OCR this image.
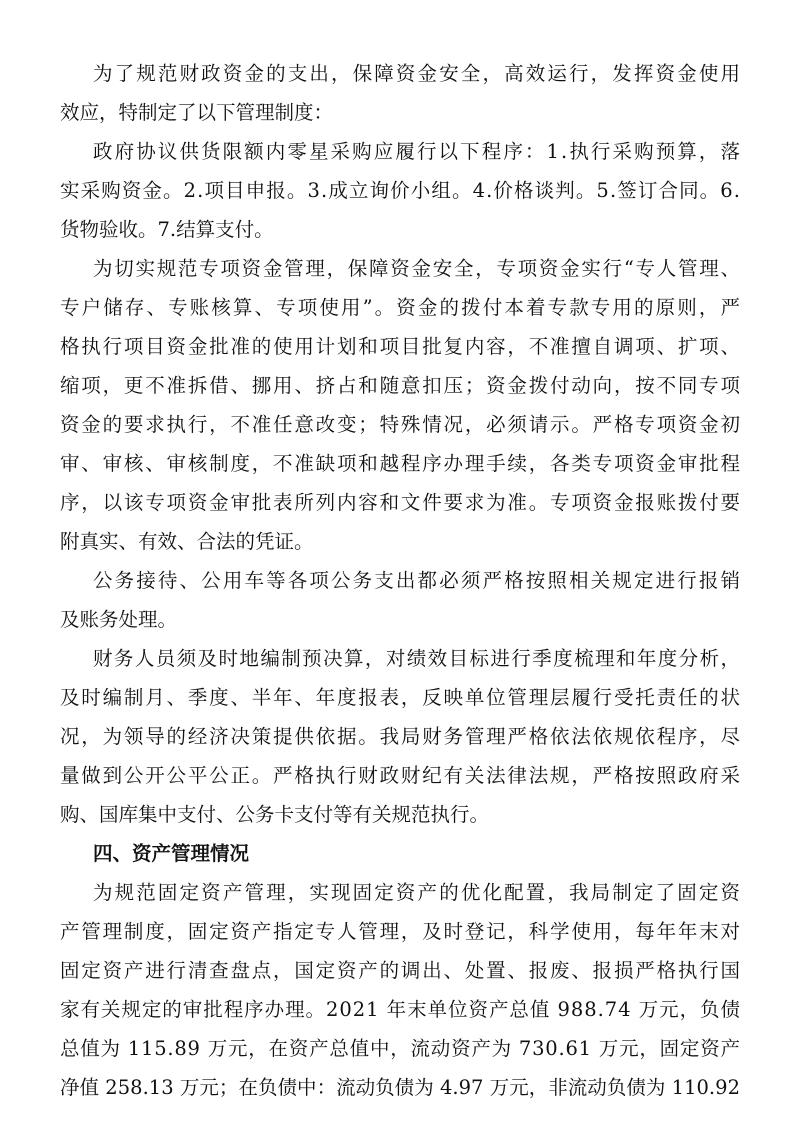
为了规范财政资金的支出，保障资金安全，高效运行，发挥资金使用
效应，特制定了以下管理制度：
政府协议供货限额内零星采购应履行以下程序：1.执行采购预算，落
实采购资金。2.项目申报。3.成立询价小组。4.价格谈判。5.签订合同。6.
货物验收。7.结算支付。
为切实规范专项资金管理，保障资金安全，专项资金实行“专人管理、
专户储存、专账核算、专项使用”。资金的拨付本着专款专用的原则，严
格执行项目资金批准的使用计划和项目批复内容，不准擅自调项、扩项、
缩项，更不准拆借、挪用、挤占和随意扣压；资金拨付动向，按不同专项
资金的要求执行，不准任意改变；特殊情况，必须请示。严格专项资金初
审、审核、审核制度，不准缺项和越程序办理手续，各类专项资金审批程
序，以该专项资金审批表所列内容和文件要求为准。专项资金报账拨付要
附真实、有效、合法的凭证。
公务接待、公用车等各项公务支出都必须严格按照相关规定进行报销
及账务处理。
财务人员须及时地编制预决算，对绩效目标进行季度梳理和年度分析，
及时编制月、季度、半年、年度报表，反映单位管理层履行受托责任的状
况，为领导的经济决策提供依据。我局财务管理严格依法依规依程序，尽
量做到公开公平公正。严格执行财政财纪有关法律法规，严格按照政府采
购、国库集中支付、公务卡支付等有关规范执行。
四、资产管理情况
为规范固定资产管理，实现固定资产的优化配置，我局制定了固定资
产管理制度，固定资产指定专人管理，及时登记，科学使用，每年年末对
固定资产进行清查盘点，国定资产的调出、处置、报废、报损严格执行国
家有关规定的审批程序办理。2021 年末单位资产总值 988.74 万元，负债
总值为 115.89 万元，在资产总值中，流动资产为 730.61 万元，固定资产
净值 258.13 万元；在负债中：流动负债为 4.97 万元，非流动负债为 110.92
